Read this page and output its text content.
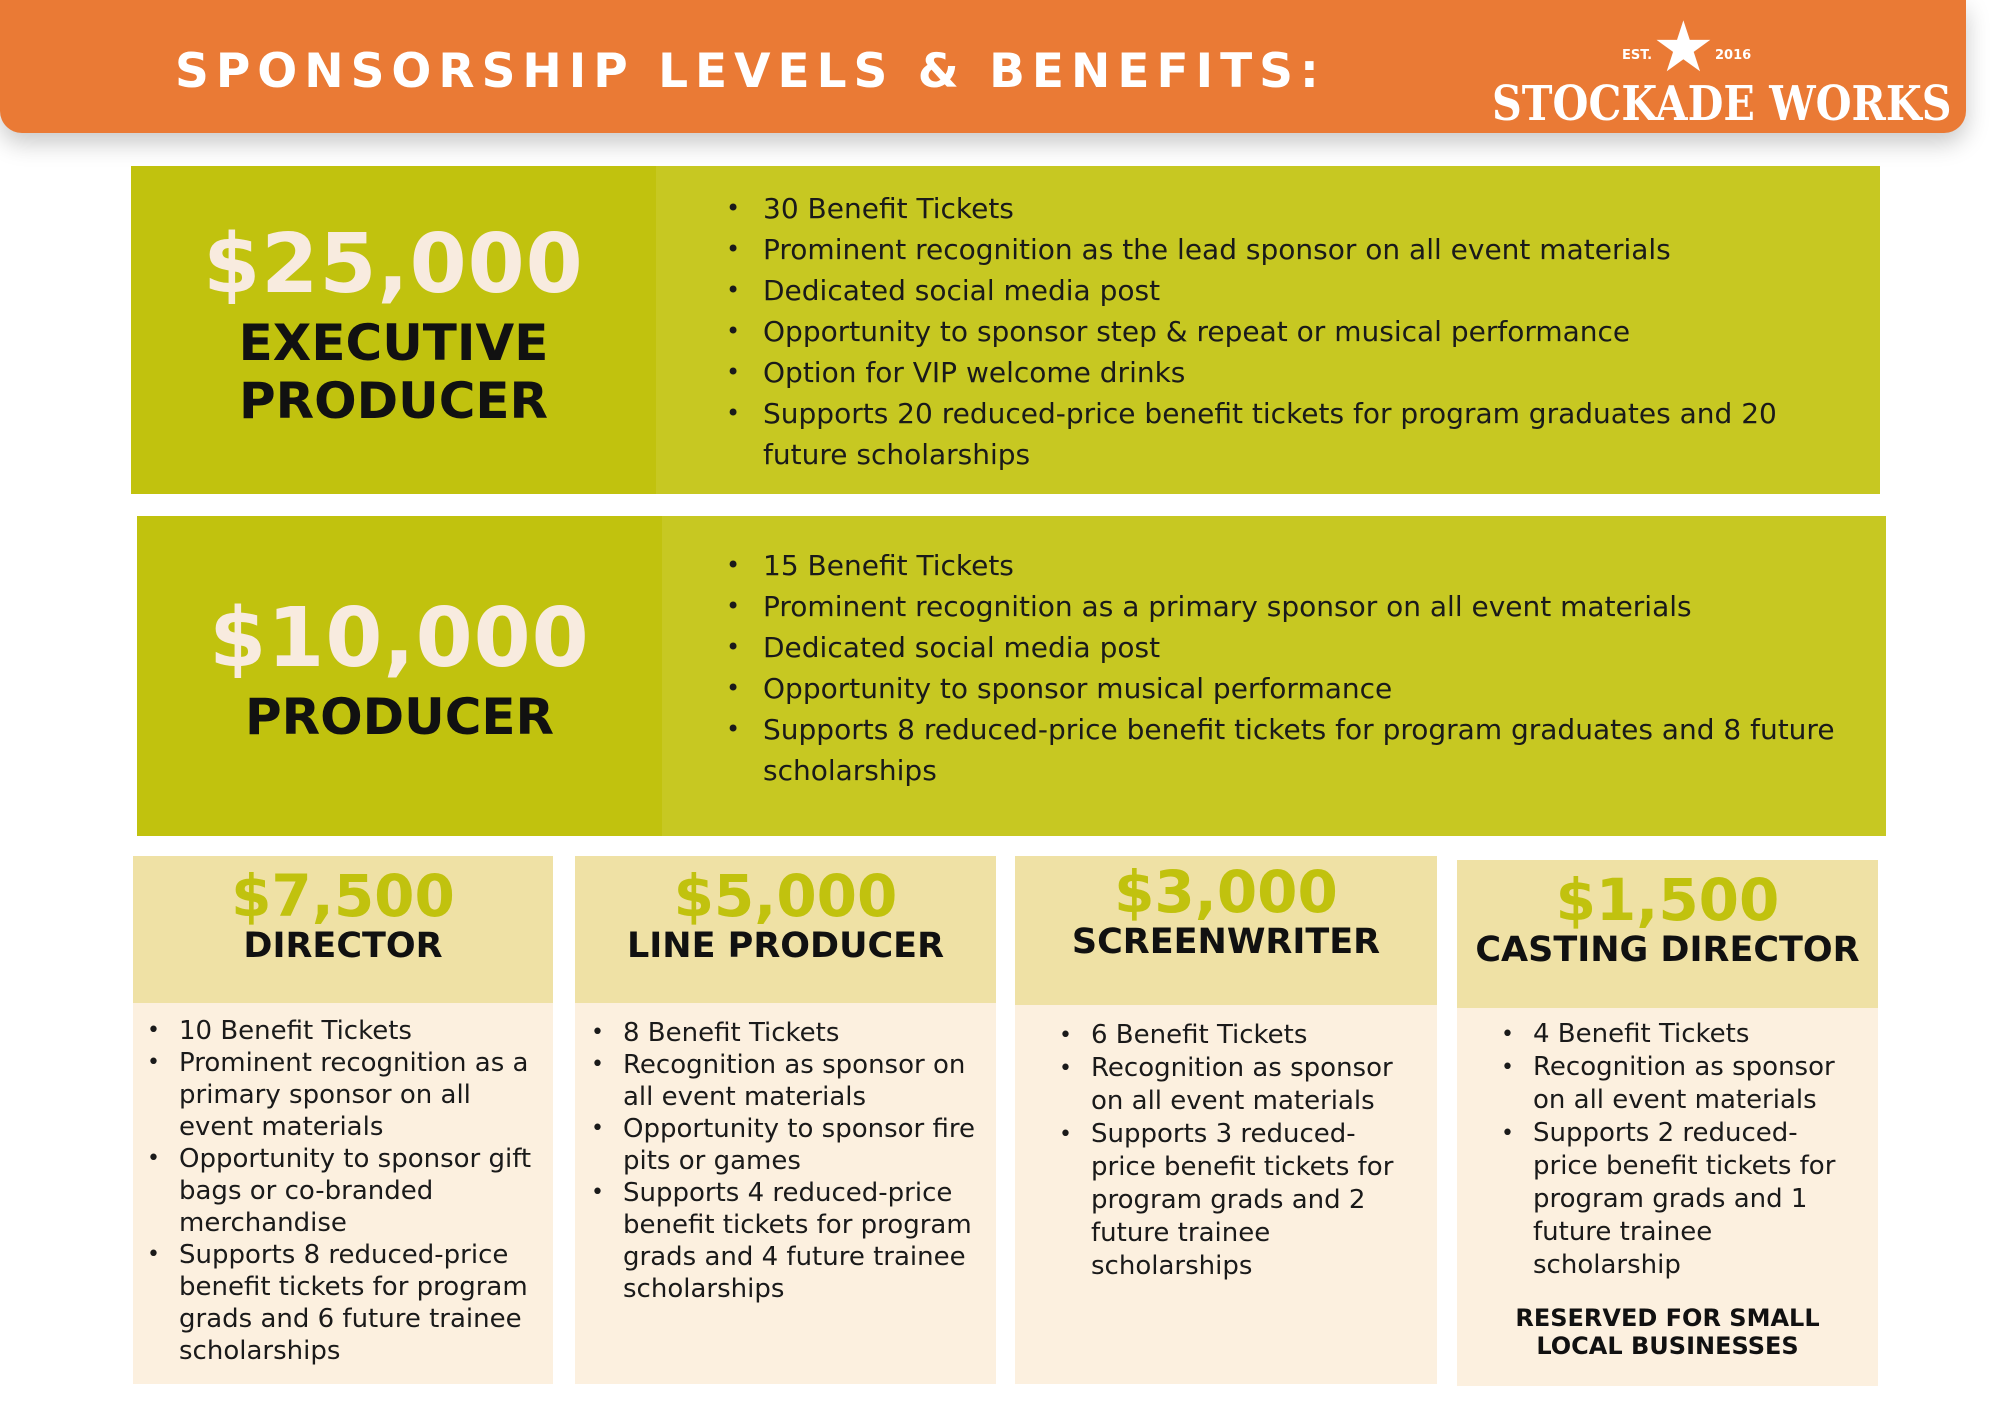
SPONSORSHIP LEVELS & BENEFITS:	★
EST.	2016
STOCKADE WORKS
$25,000
EXECUTIVE
PRODUCER
• 30 Benefit Tickets
• Prominent recognition as the lead sponsor on all event materials
• Dedicated social media post
• Opportunity to sponsor step & repeat or musical performance
• Option for VIP welcome drinks
• Supports 20 reduced-price benefit tickets for program graduates and 20 future scholarships
$10,000
PRODUCER
• 15 Benefit Tickets
• Prominent recognition as a primary sponsor on all event materials
• Dedicated social media post
• Opportunity to sponsor musical performance
• Supports 8 reduced-price benefit tickets for program graduates and 8 future scholarships
$7,500
DIRECTOR
• 10 Benefit Tickets
• Prominent recognition as a primary sponsor on all event materials
• Opportunity to sponsor gift bags or co-branded merchandise
• Supports 8 reduced-price benefit tickets for program grads and 6 future trainee scholarships
$5,000
LINE PRODUCER
• 8 Benefit Tickets
• Recognition as sponsor on all event materials
• Opportunity to sponsor fire pits or games
• Supports 4 reduced-price benefit tickets for program grads and 4 future trainee scholarships
$3,000
SCREENWRITER
• 6 Benefit Tickets
• Recognition as sponsor on all event materials
• Supports 3 reduced-price benefit tickets for program grads and 2 future trainee scholarships
$1,500
CASTING DIRECTOR
• 4 Benefit Tickets
• Recognition as sponsor on all event materials
• Supports 2 reduced-price benefit tickets for program grads and 1 future trainee scholarship
RESERVED FOR SMALL
LOCAL BUSINESSES
